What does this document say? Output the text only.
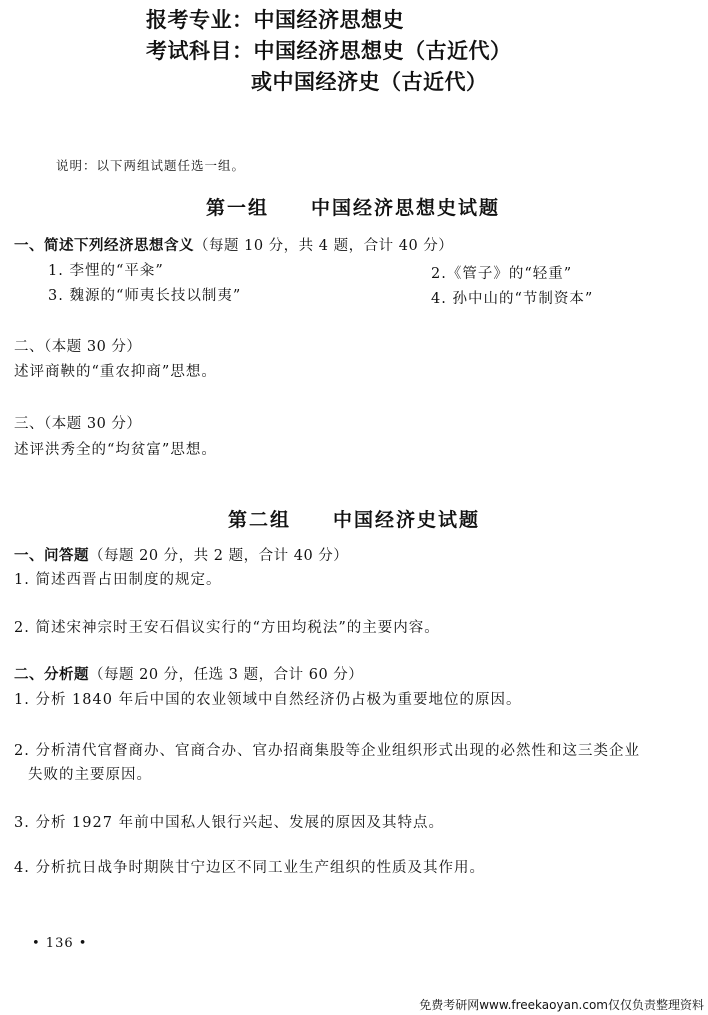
报考专业：中国经济思想史
考试科目：中国经济思想史（古近代）
或中国经济史（古近代）
说明：以下两组试题任选一组。
第一组　　中国经济思想史试题
一、简述下列经济思想含义（每题 10 分，共 4 题，合计 40 分）
1. 李悝的“平籴”	2.《管子》的“轻重”
3. 魏源的“师夷长技以制夷”	4. 孙中山的“节制资本”
二、（本题 30 分）
述评商鞅的“重农抑商”思想。
三、（本题 30 分）
述评洪秀全的“均贫富”思想。
第二组　　中国经济史试题
一、问答题（每题 20 分，共 2 题，合计 40 分）
1. 简述西晋占田制度的规定。
2. 简述宋神宗时王安石倡议实行的“方田均税法”的主要内容。
二、分析题（每题 20 分，任选 3 题，合计 60 分）
1. 分析 1840 年后中国的农业领域中自然经济仍占极为重要地位的原因。
2. 分析清代官督商办、官商合办、官办招商集股等企业组织形式出现的必然性和这三类企业
失败的主要原因。
3. 分析 1927 年前中国私人银行兴起、发展的原因及其特点。
4. 分析抗日战争时期陕甘宁边区不同工业生产组织的性质及其作用。
• 136 •
免费考研网www.freekaoyan.com仅仅负责整理资料
